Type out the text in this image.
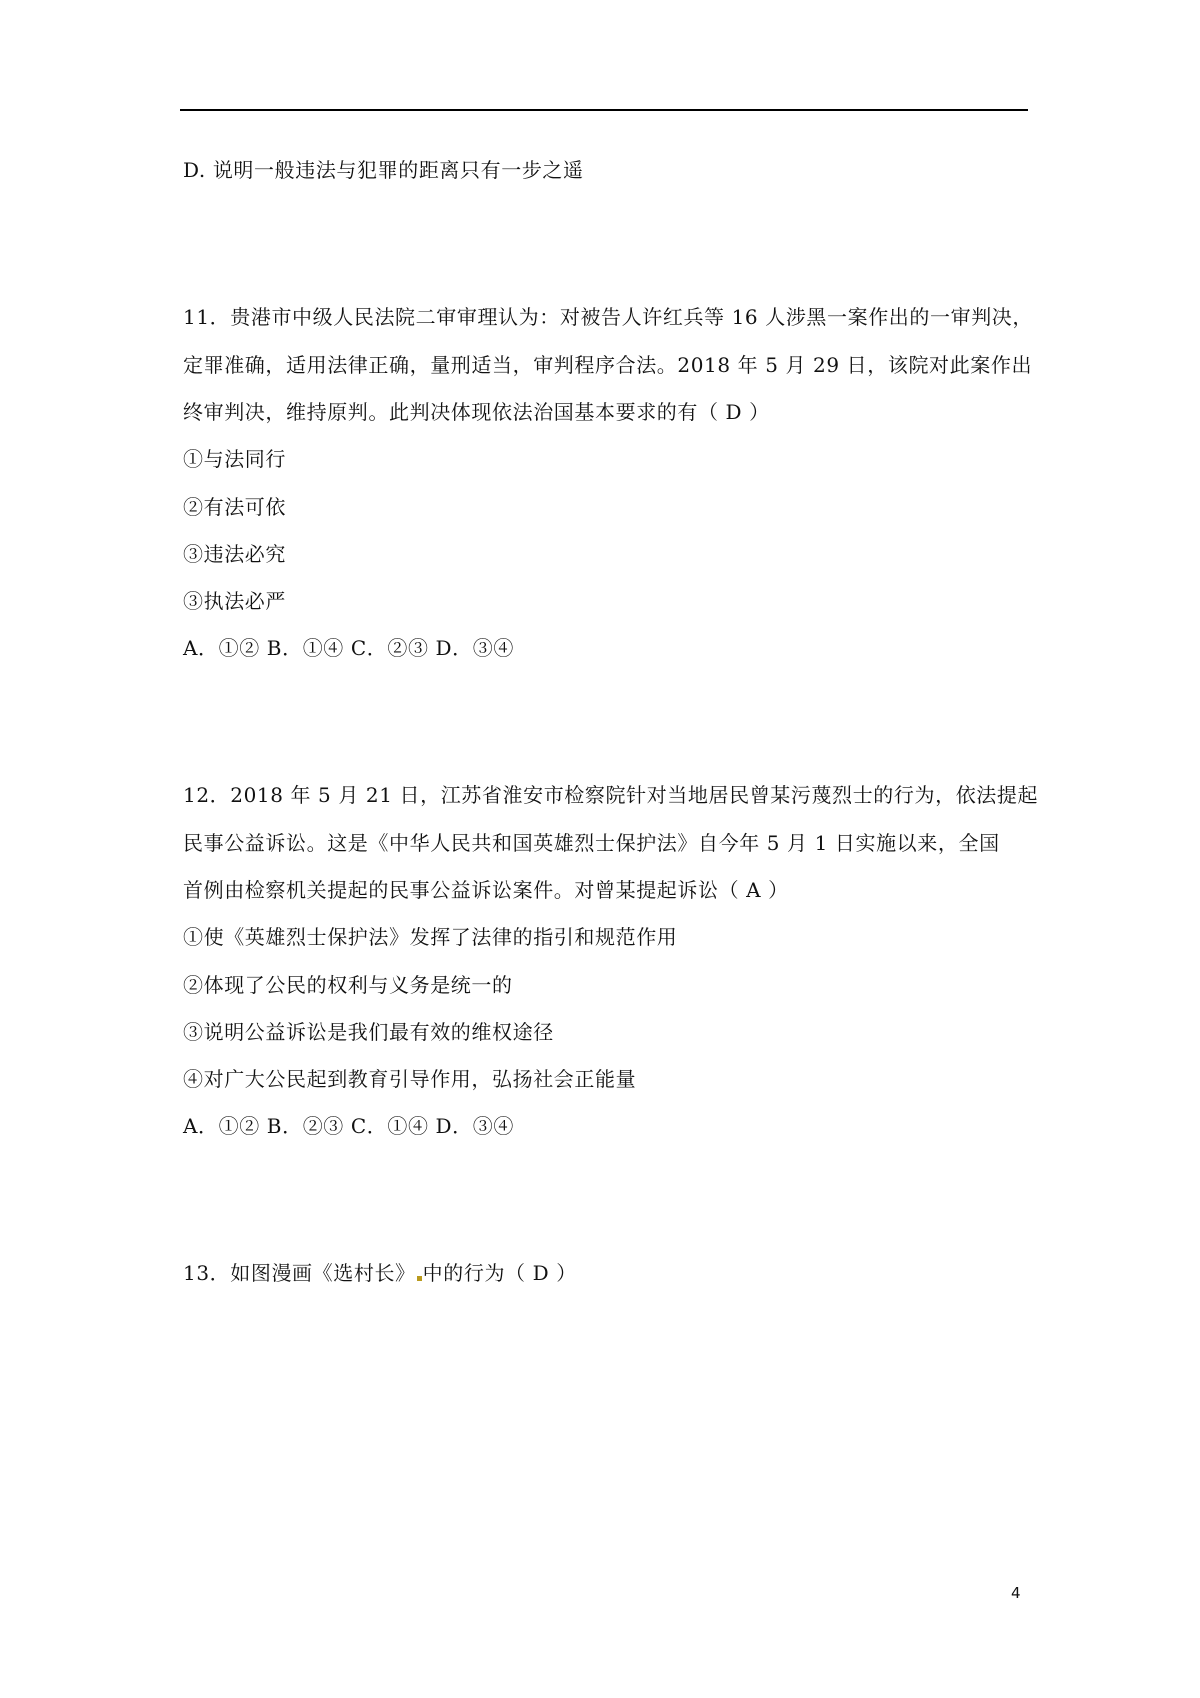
D. 说明一般违法与犯罪的距离只有一步之遥
11．贵港市中级人民法院二审审理认为：对被告人许红兵等 16 人涉黑一案作出的一审判决，
定罪准确，适用法律正确，量刑适当，审判程序合法。2018 年 5 月 29 日，该院对此案作出
终审判决，维持原判。此判决体现依法治国基本要求的有（ D ）
①与法同行
②有法可依
③违法必究
③执法必严
A．①② B．①④ C．②③ D．③④
12．2018 年 5 月 21 日，江苏省淮安市检察院针对当地居民曾某污蔑烈士的行为，依法提起
民事公益诉讼。这是《中华人民共和国英雄烈士保护法》自今年 5 月 1 日实施以来，全国
首例由检察机关提起的民事公益诉讼案件。对曾某提起诉讼（ A ）
①使《英雄烈士保护法》发挥了法律的指引和规范作用
②体现了公民的权利与义务是统一的
③说明公益诉讼是我们最有效的维权途径
④对广大公民起到教育引导作用，弘扬社会正能量
A．①② B．②③ C．①④ D．③④
13．如图漫画《选村长》 中的行为（ D ）
4
